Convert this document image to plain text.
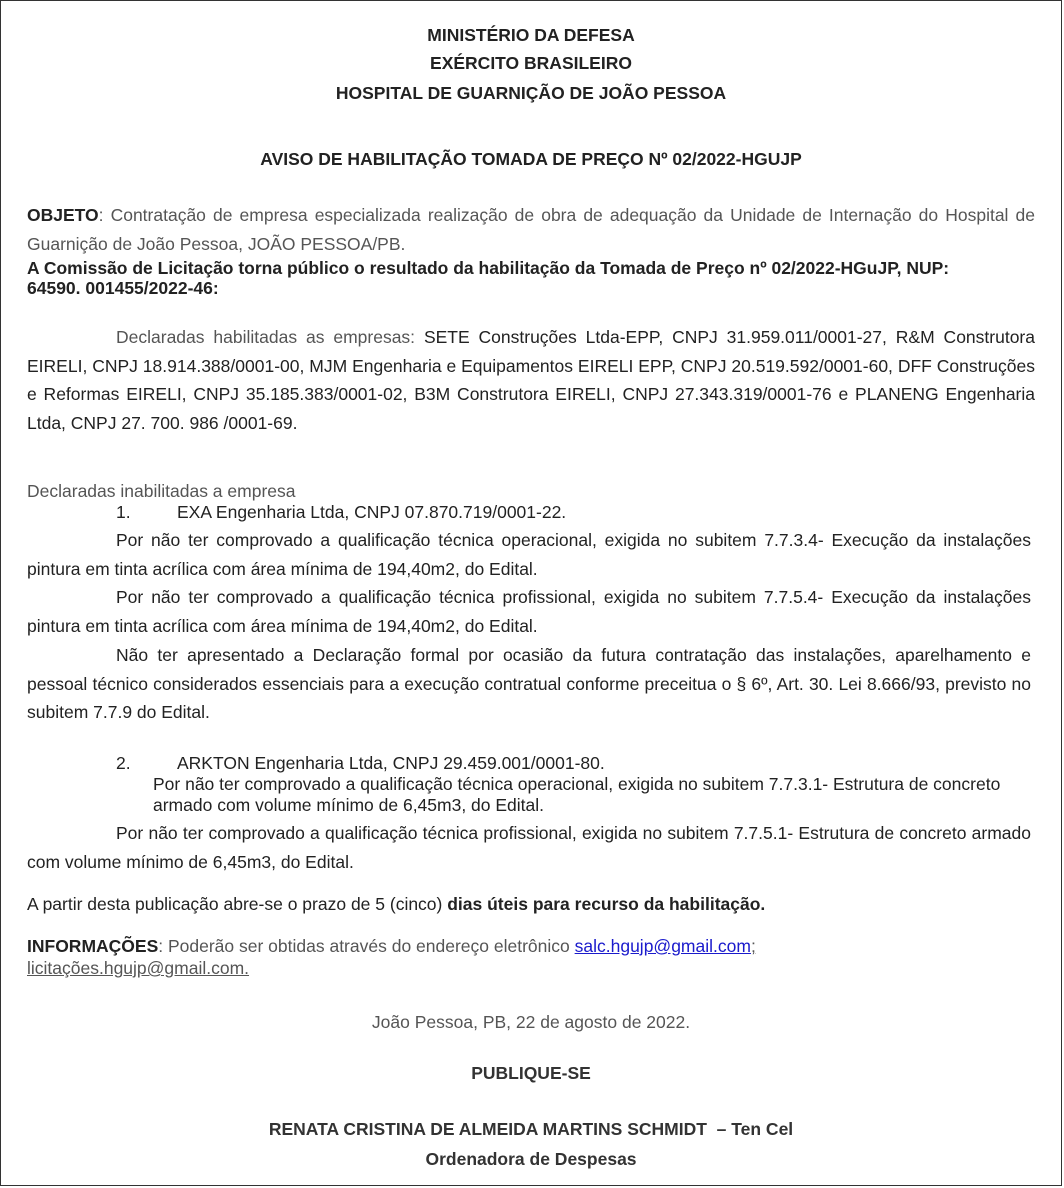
MINISTÉRIO DA DEFESA

EXÉRCITO BRASILEIRO

HOSPITAL DE GUARNIÇÃO DE JOÃO PESSOA

AVISO DE HABILITAÇÃO TOMADA DE PREÇO Nº 02/2022-HGUJP

OBJETO: Contratação de empresa especializada realização de obra de adequação da Unidade de Internação do Hospital de Guarnição de João Pessoa, JOÃO PESSOA/PB.

A Comissão de Licitação torna público o resultado da habilitação da Tomada de Preço nº 02/2022-HGuJP, NUP:
64590. 001455/2022-46:

Declaradas habilitadas as empresas: SETE Construções Ltda-EPP, CNPJ 31.959.011/0001-27, R&M Construtora EIRELI, CNPJ 18.914.388/0001-00, MJM Engenharia e Equipamentos EIRELI EPP, CNPJ 20.519.592/0001-60, DFF Construções e Reformas EIRELI, CNPJ 35.185.383/0001-02, B3M Construtora EIRELI, CNPJ 27.343.319/0001-76 e PLANENG Engenharia Ltda, CNPJ 27. 700. 986 /0001-69.

Declaradas inabilitadas a empresa

1.	EXA Engenharia Ltda, CNPJ 07.870.719/0001-22.

Por não ter comprovado a qualificação técnica operacional, exigida no subitem 7.7.3.4- Execução da instalações pintura em tinta acrílica com área mínima de 194,40m2, do Edital.

Por não ter comprovado a qualificação técnica profissional, exigida no subitem 7.7.5.4- Execução da instalações pintura em tinta acrílica com área mínima de 194,40m2, do Edital.

Não ter apresentado a Declaração formal por ocasião da futura contratação das instalações, aparelhamento e pessoal técnico considerados essenciais para a execução contratual conforme preceitua o § 6º, Art. 30. Lei 8.666/93, previsto no subitem 7.7.9 do Edital.

2.	ARKTON Engenharia Ltda, CNPJ 29.459.001/0001-80.

Por não ter comprovado a qualificação técnica operacional, exigida no subitem 7.7.3.1- Estrutura de concreto

armado com volume mínimo de 6,45m3, do Edital.

Por não ter comprovado a qualificação técnica profissional, exigida no subitem 7.7.5.1- Estrutura de concreto armado com volume mínimo de 6,45m3, do Edital.

A partir desta publicação abre-se o prazo de 5 (cinco) dias úteis para recurso da habilitação.

INFORMAÇÕES: Poderão ser obtidas através do endereço eletrônico salc.hgujp@gmail.com;

licitações.hgujp@gmail.com.

João Pessoa, PB, 22 de agosto de 2022.

PUBLIQUE-SE

RENATA CRISTINA DE ALMEIDA MARTINS SCHMIDT  – Ten Cel

Ordenadora de Despesas
